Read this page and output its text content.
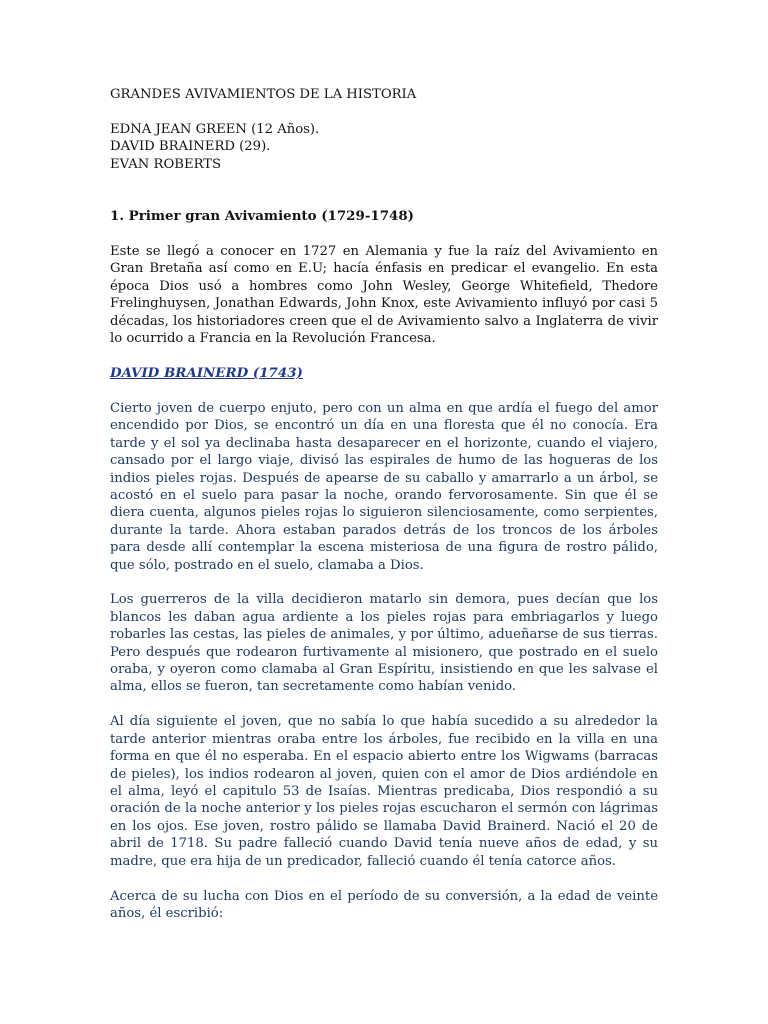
GRANDES AVIVAMIENTOS DE LA HISTORIA

EDNA JEAN GREEN (12 Años).

DAVID BRAINERD (29).

EVAN ROBERTS

1. Primer gran Avivamiento (1729-1748)

Este se llegó a conocer en 1727 en Alemania y fue la raíz del Avivamiento en Gran Bretaña así como en E.U; hacía énfasis en predicar el evangelio. En esta época Dios usó a hombres como John Wesley, George Whitefield, Thedore Frelinghuysen, Jonathan Edwards, John Knox, este Avivamiento influyó por casi 5 décadas, los historiadores creen que el de Avivamiento salvo a Inglaterra de vivir lo ocurrido a Francia en la Revolución Francesa.

DAVID BRAINERD (1743)

Cierto joven de cuerpo enjuto, pero con un alma en que ardía el fuego del amor encendido por Dios, se encontró un día en una floresta que él no conocía. Era tarde y el sol ya declinaba hasta desaparecer en el horizonte, cuando el viajero, cansado por el largo viaje, divisó las espirales de humo de las hogueras de los indios pieles rojas. Después de apearse de su caballo y amarrarlo a un árbol, se acostó en el suelo para pasar la noche, orando fervorosamente. Sin que él se diera cuenta, algunos pieles rojas lo siguieron silenciosamente, como serpientes, durante la tarde. Ahora estaban parados detrás de los troncos de los árboles para desde allí contemplar la escena misteriosa de una figura de rostro pálido, que sólo, postrado en el suelo, clamaba a Dios.

Los guerreros de la villa decidieron matarlo sin demora, pues decían que los blancos les daban agua ardiente a los pieles rojas para embriagarlos y luego robarles las cestas, las pieles de animales, y por último, adueñarse de sus tierras. Pero después que rodearon furtivamente al misionero, que postrado en el suelo oraba, y oyeron como clamaba al Gran Espíritu, insistiendo en que les salvase el alma, ellos se fueron, tan secretamente como habían venido.

Al día siguiente el joven, que no sabía lo que había sucedido a su alrededor la tarde anterior mientras oraba entre los árboles, fue recibido en la villa en una forma en que él no esperaba. En el espacio abierto entre los Wigwams (barracas de pieles), los indios rodearon al joven, quien con el amor de Dios ardiéndole en el alma, leyó el capitulo 53 de Isaías. Mientras predicaba, Dios respondió a su oración de la noche anterior y los pieles rojas escucharon el sermón con lágrimas en los ojos. Ese joven, rostro pálido se llamaba David Brainerd. Nació el 20 de abril de 1718. Su padre falleció cuando David tenía nueve años de edad, y su madre, que era hija de un predicador, falleció cuando él tenía catorce años.

Acerca de su lucha con Dios en el período de su conversión, a la edad de veinte años, él escribió:
